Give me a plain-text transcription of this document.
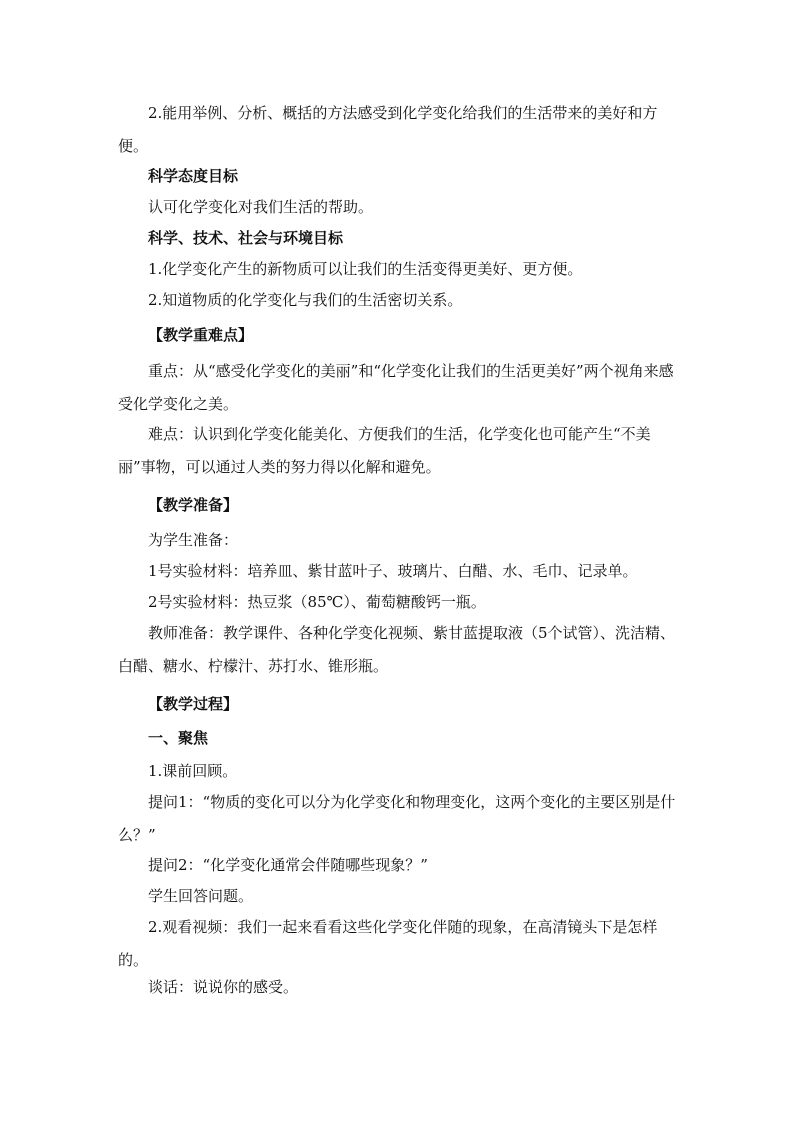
2.能用举例、分析、概括的方法感受到化学变化给我们的生活带来的美好和方便。

科学态度目标

认可化学变化对我们生活的帮助。

科学、技术、社会与环境目标

1.化学变化产生的新物质可以让我们的生活变得更美好、更方便。

2.知道物质的化学变化与我们的生活密切关系。

【教学重难点】

重点：从“感受化学变化的美丽”和“化学变化让我们的生活更美好”两个视角来感受化学变化之美。

难点：认识到化学变化能美化、方便我们的生活，化学变化也可能产生“不美丽”事物，可以通过人类的努力得以化解和避免。

【教学准备】

为学生准备：

1号实验材料：培养皿、紫甘蓝叶子、玻璃片、白醋、水、毛巾、记录单。

2号实验材料：热豆浆（85℃）、葡萄糖酸钙一瓶。

教师准备：教学课件、各种化学变化视频、紫甘蓝提取液（5个试管）、洗洁精、白醋、糖水、柠檬汁、苏打水、锥形瓶。

【教学过程】

一、聚焦

1.课前回顾。

提问1：“物质的变化可以分为化学变化和物理变化，这两个变化的主要区别是什么？”

提问2：“化学变化通常会伴随哪些现象？”

学生回答问题。

2.观看视频：我们一起来看看这些化学变化伴随的现象，在高清镜头下是怎样的。

谈话：说说你的感受。
